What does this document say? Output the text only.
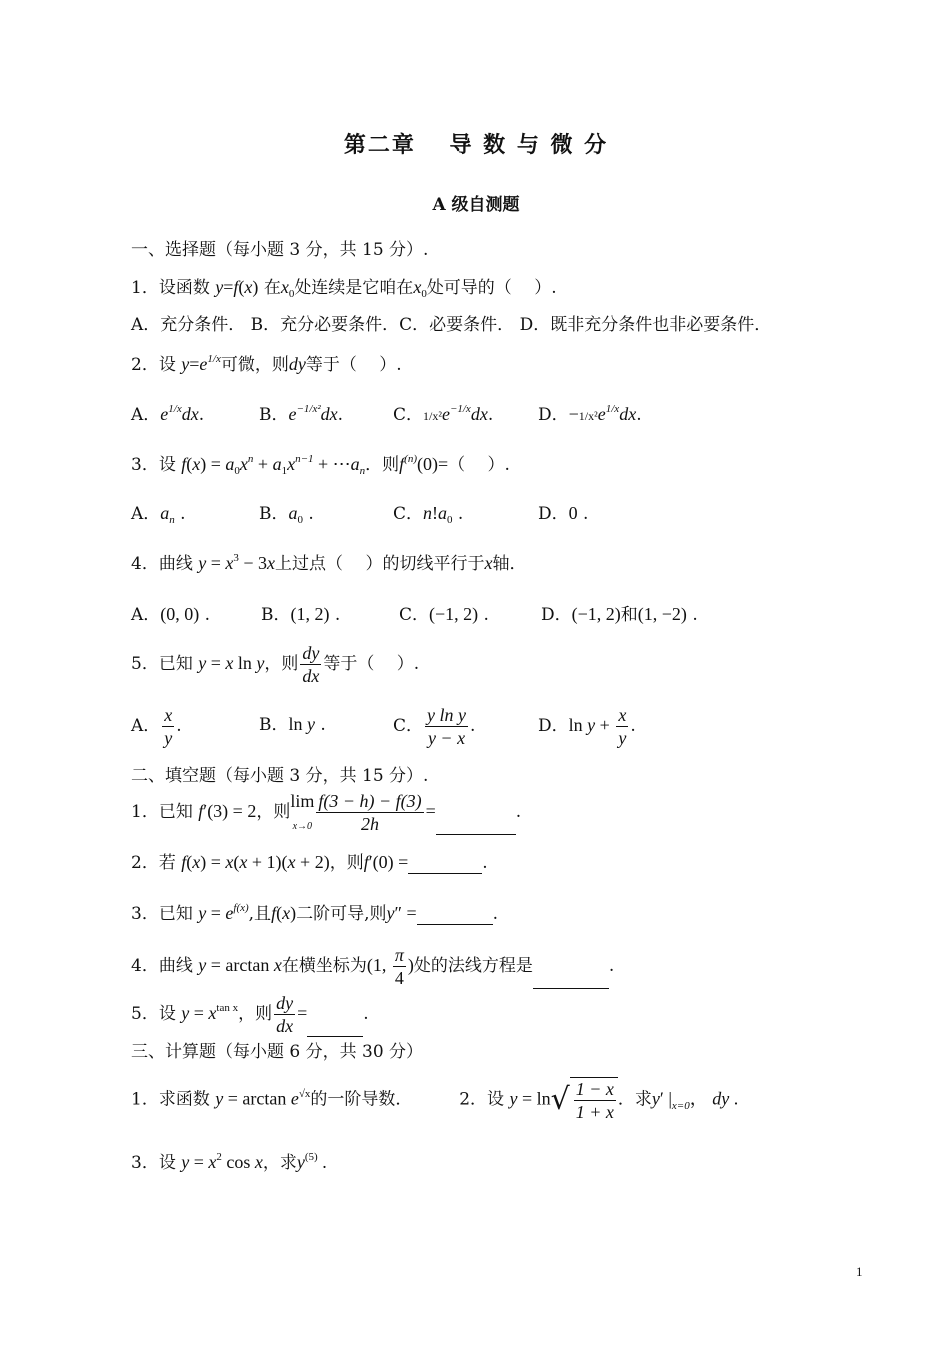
第二章　 导 数 与 微 分
A 级自测题
一、选择题（每小题 3 分，共 15 分）.
1．设函数 y=f(x) 在$x_0$处连续是它咱在$x_0$处可导的（　 ）.
A．充分条件． B．充分必要条件．C．必要条件． D．既非充分条件也非必要条件．
2．设 $y=e^{1/x}$可微，则dy等于（　 ）.
A．$e^{1/x}dx$.	B．$e^{-1/x^2}dx$.	C．$1/x^2e^{-1/x}dx$.	D．$-1/x^2e^{1/x}dx$.
3．设 $f(x) = a_0x^n + a_1x^{n-1}$ + $\cdots a_n$．则$f^{(n)}(0)=$（　 ）.
A．$a_n$ .	B．$a_0$ .	C．$n!a_0$ .	D．0 .
4．曲线 $y = x^3 - 3x$上过点（　 ）的切线平行于x轴．
A．(0, 0) .	B．(1, 2) .	C．(−1, 2) .	D．(−1, 2)和(1, −2) .
5．已知 y = x ln y，则 $\frac{dy}{dx}$ 等于（　 ）.
A． $\frac{x}{y}$ .	B．ln y .	C． $\frac{\text{y ln y}}{y - x}$ .	D．$\ln y + \frac{x}{y}$ .
二、填空题（每小题 3 分，共 15 分）.
1．已知 f′(3) = 2，则lim
$x\to 0 \frac{f(3 - h) - f(3)}{2h}$ =	.
2．若 f(x) = x(x + 1)(x + 2)，则f′(0) =	.
3．已知 $y = e^{f(x)}$,且f(x)二阶可导,则y″ =	.
4．曲线 y = arctan x在横坐标为(1, $\frac{\pi}{4}$ )处的法线方程是	.
5．设 $y = x^{tan x}$，则 $\frac{dy}{dx}$ =	.
三、计算题（每小题 6 分，共 30 分）
1．求函数 $y = \arctan e^{√x}$的一阶导数．	2．设 $y = \ln√ \frac{1 - x}{1 + x}$ ．求y′ $|_{x=0}$， dy .
3．设 $y = x^2$ cos x，求$y^{(5)}$ .
1
